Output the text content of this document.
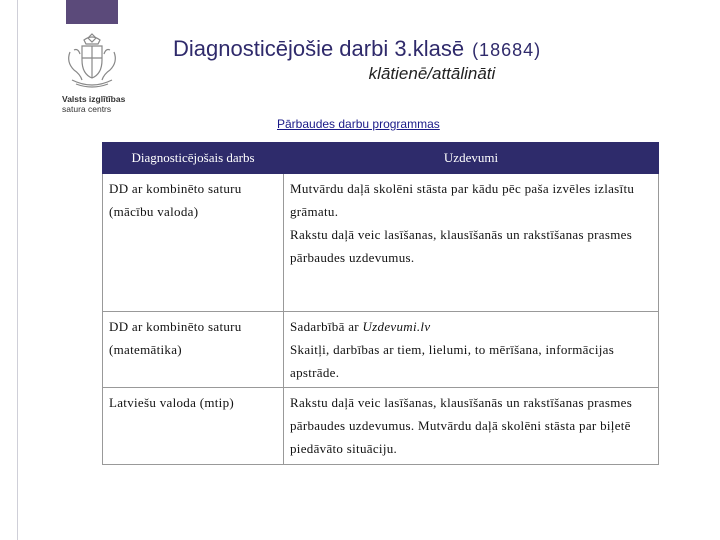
Valsts izglītības
satura centrs
Diagnosticējošie darbi 3.klasē (18684)
klātienē/attālināti
Pārbaudes darbu programmas
Diagnosticējošais darbs	Uzdevumi
DD ar kombinēto saturu (mācību valoda)	Mutvārdu daļā skolēni stāsta par kādu pēc paša izvēles izlasītu grāmatu.
Rakstu daļā veic lasīšanas, klausīšanās un rakstīšanas prasmes pārbaudes uzdevumus.

DD ar kombinēto saturu (matemātika)	Sadarbībā ar Uzdevumi.lv
Skaitļi, darbības ar tiem, lielumi, to mērīšana, informācijas apstrāde.

Latviešu valoda (mtip)	Rakstu daļā veic lasīšanas, klausīšanās un rakstīšanas prasmes pārbaudes uzdevumus. Mutvārdu daļā skolēni stāsta par biļetē piedāvāto situāciju.
